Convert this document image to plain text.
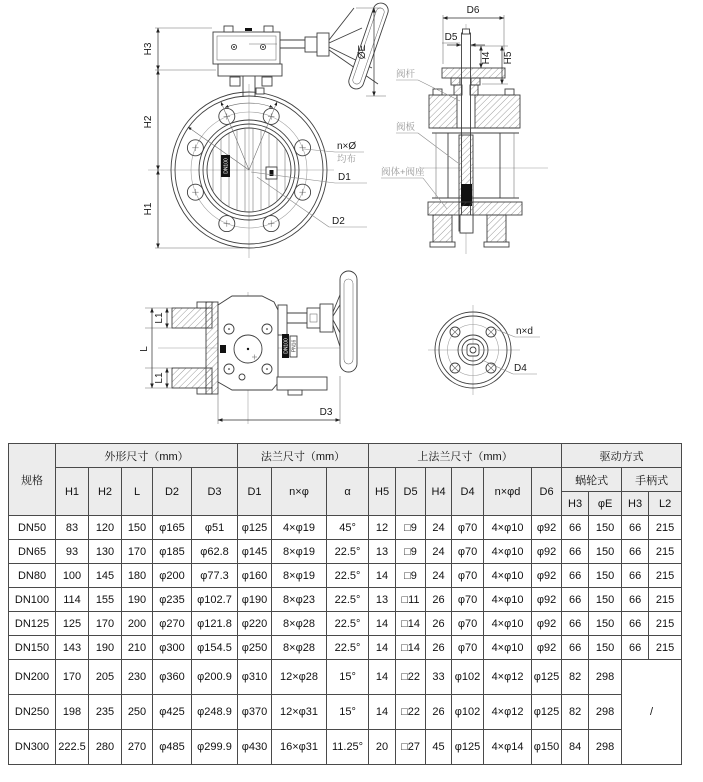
ØE
H3
H2
H1
DN100
n×Ø
均布
D1
D2
D6
D5
H4 H5
阀杆
阀板
阀体+阀座
DN100 PN16
L
L1
L1
D3
n×d
D4
规格	外形尺寸（mm）					法兰尺寸（mm）			上法兰尺寸（mm）						驱动方式			
	H1	H2	L	D2	D3	D1	n×φ	α	H5	D5	H4	D4	n×φd	D6	蜗轮式		手柄式	
															H3	φE	H3	L2
DN50	83	120	150	φ165	φ51	φ125	4×φ19	45°	12	□9	24	φ70	4×φ10	φ92	66	150	66	215
DN65	93	130	170	φ185	φ62.8	φ145	8×φ19	22.5°	13	□9	24	φ70	4×φ10	φ92	66	150	66	215
DN80	100	145	180	φ200	φ77.3	φ160	8×φ19	22.5°	14	□9	24	φ70	4×φ10	φ92	66	150	66	215
DN100	114	155	190	φ235	φ102.7	φ190	8×φ23	22.5°	13	□11	26	φ70	4×φ10	φ92	66	150	66	215
DN125	125	170	200	φ270	φ121.8	φ220	8×φ28	22.5°	14	□14	26	φ70	4×φ10	φ92	66	150	66	215
DN150	143	190	210	φ300	φ154.5	φ250	8×φ28	22.5°	14	□14	26	φ70	4×φ10	φ92	66	150	66	215
DN200	170	205	230	φ360	φ200.9	φ310	12×φ28	15°	14	□22	33	φ102	4×φ12	φ125	82	298	/	
DN250	198	235	250	φ425	φ248.9	φ370	12×φ31	15°	14	□22	26	φ102	4×φ12	φ125	82	298		
DN300	222.5	280	270	φ485	φ299.9	φ430	16×φ31	11.25°	20	□27	45	φ125	4×φ14	φ150	84	298		
